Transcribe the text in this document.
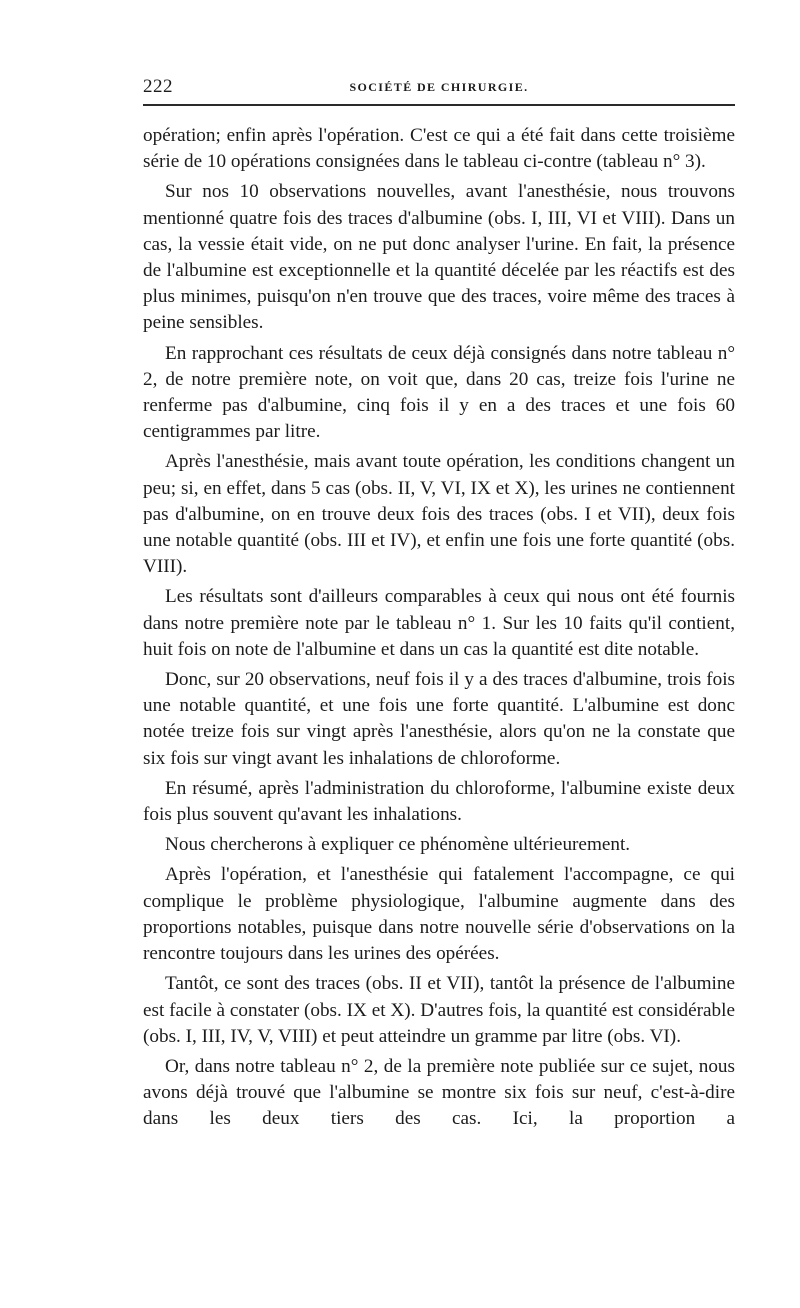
222	SOCIÉTÉ DE CHIRURGIE.

opération; enfin après l'opération. C'est ce qui a été fait dans cette troisième série de 10 opérations consignées dans le tableau ci-contre (tableau n° 3).

Sur nos 10 observations nouvelles, avant l'anesthésie, nous trouvons mentionné quatre fois des traces d'albumine (obs. I, III, VI et VIII). Dans un cas, la vessie était vide, on ne put donc analyser l'urine. En fait, la présence de l'albumine est exceptionnelle et la quantité décelée par les réactifs est des plus minimes, puisqu'on n'en trouve que des traces, voire même des traces à peine sensibles.

En rapprochant ces résultats de ceux déjà consignés dans notre tableau n° 2, de notre première note, on voit que, dans 20 cas, treize fois l'urine ne renferme pas d'albumine, cinq fois il y en a des traces et une fois 60 centigrammes par litre.

Après l'anesthésie, mais avant toute opération, les conditions changent un peu; si, en effet, dans 5 cas (obs. II, V, VI, IX et X), les urines ne contiennent pas d'albumine, on en trouve deux fois des traces (obs. I et VII), deux fois une notable quantité (obs. III et IV), et enfin une fois une forte quantité (obs. VIII).

Les résultats sont d'ailleurs comparables à ceux qui nous ont été fournis dans notre première note par le tableau n° 1. Sur les 10 faits qu'il contient, huit fois on note de l'albumine et dans un cas la quantité est dite notable.

Donc, sur 20 observations, neuf fois il y a des traces d'albumine, trois fois une notable quantité, et une fois une forte quantité. L'albumine est donc notée treize fois sur vingt après l'anesthésie, alors qu'on ne la constate que six fois sur vingt avant les inhalations de chloroforme.

En résumé, après l'administration du chloroforme, l'albumine existe deux fois plus souvent qu'avant les inhalations.

Nous chercherons à expliquer ce phénomène ultérieurement.

Après l'opération, et l'anesthésie qui fatalement l'accompagne, ce qui complique le problème physiologique, l'albumine augmente dans des proportions notables, puisque dans notre nouvelle série d'observations on la rencontre toujours dans les urines des opérées.

Tantôt, ce sont des traces (obs. II et VII), tantôt la présence de l'albumine est facile à constater (obs. IX et X). D'autres fois, la quantité est considérable (obs. I, III, IV, V, VIII) et peut atteindre un gramme par litre (obs. VI).

Or, dans notre tableau n° 2, de la première note publiée sur ce sujet, nous avons déjà trouvé que l'albumine se montre six fois sur neuf, c'est-à-dire dans les deux tiers des cas. Ici, la proportion a
